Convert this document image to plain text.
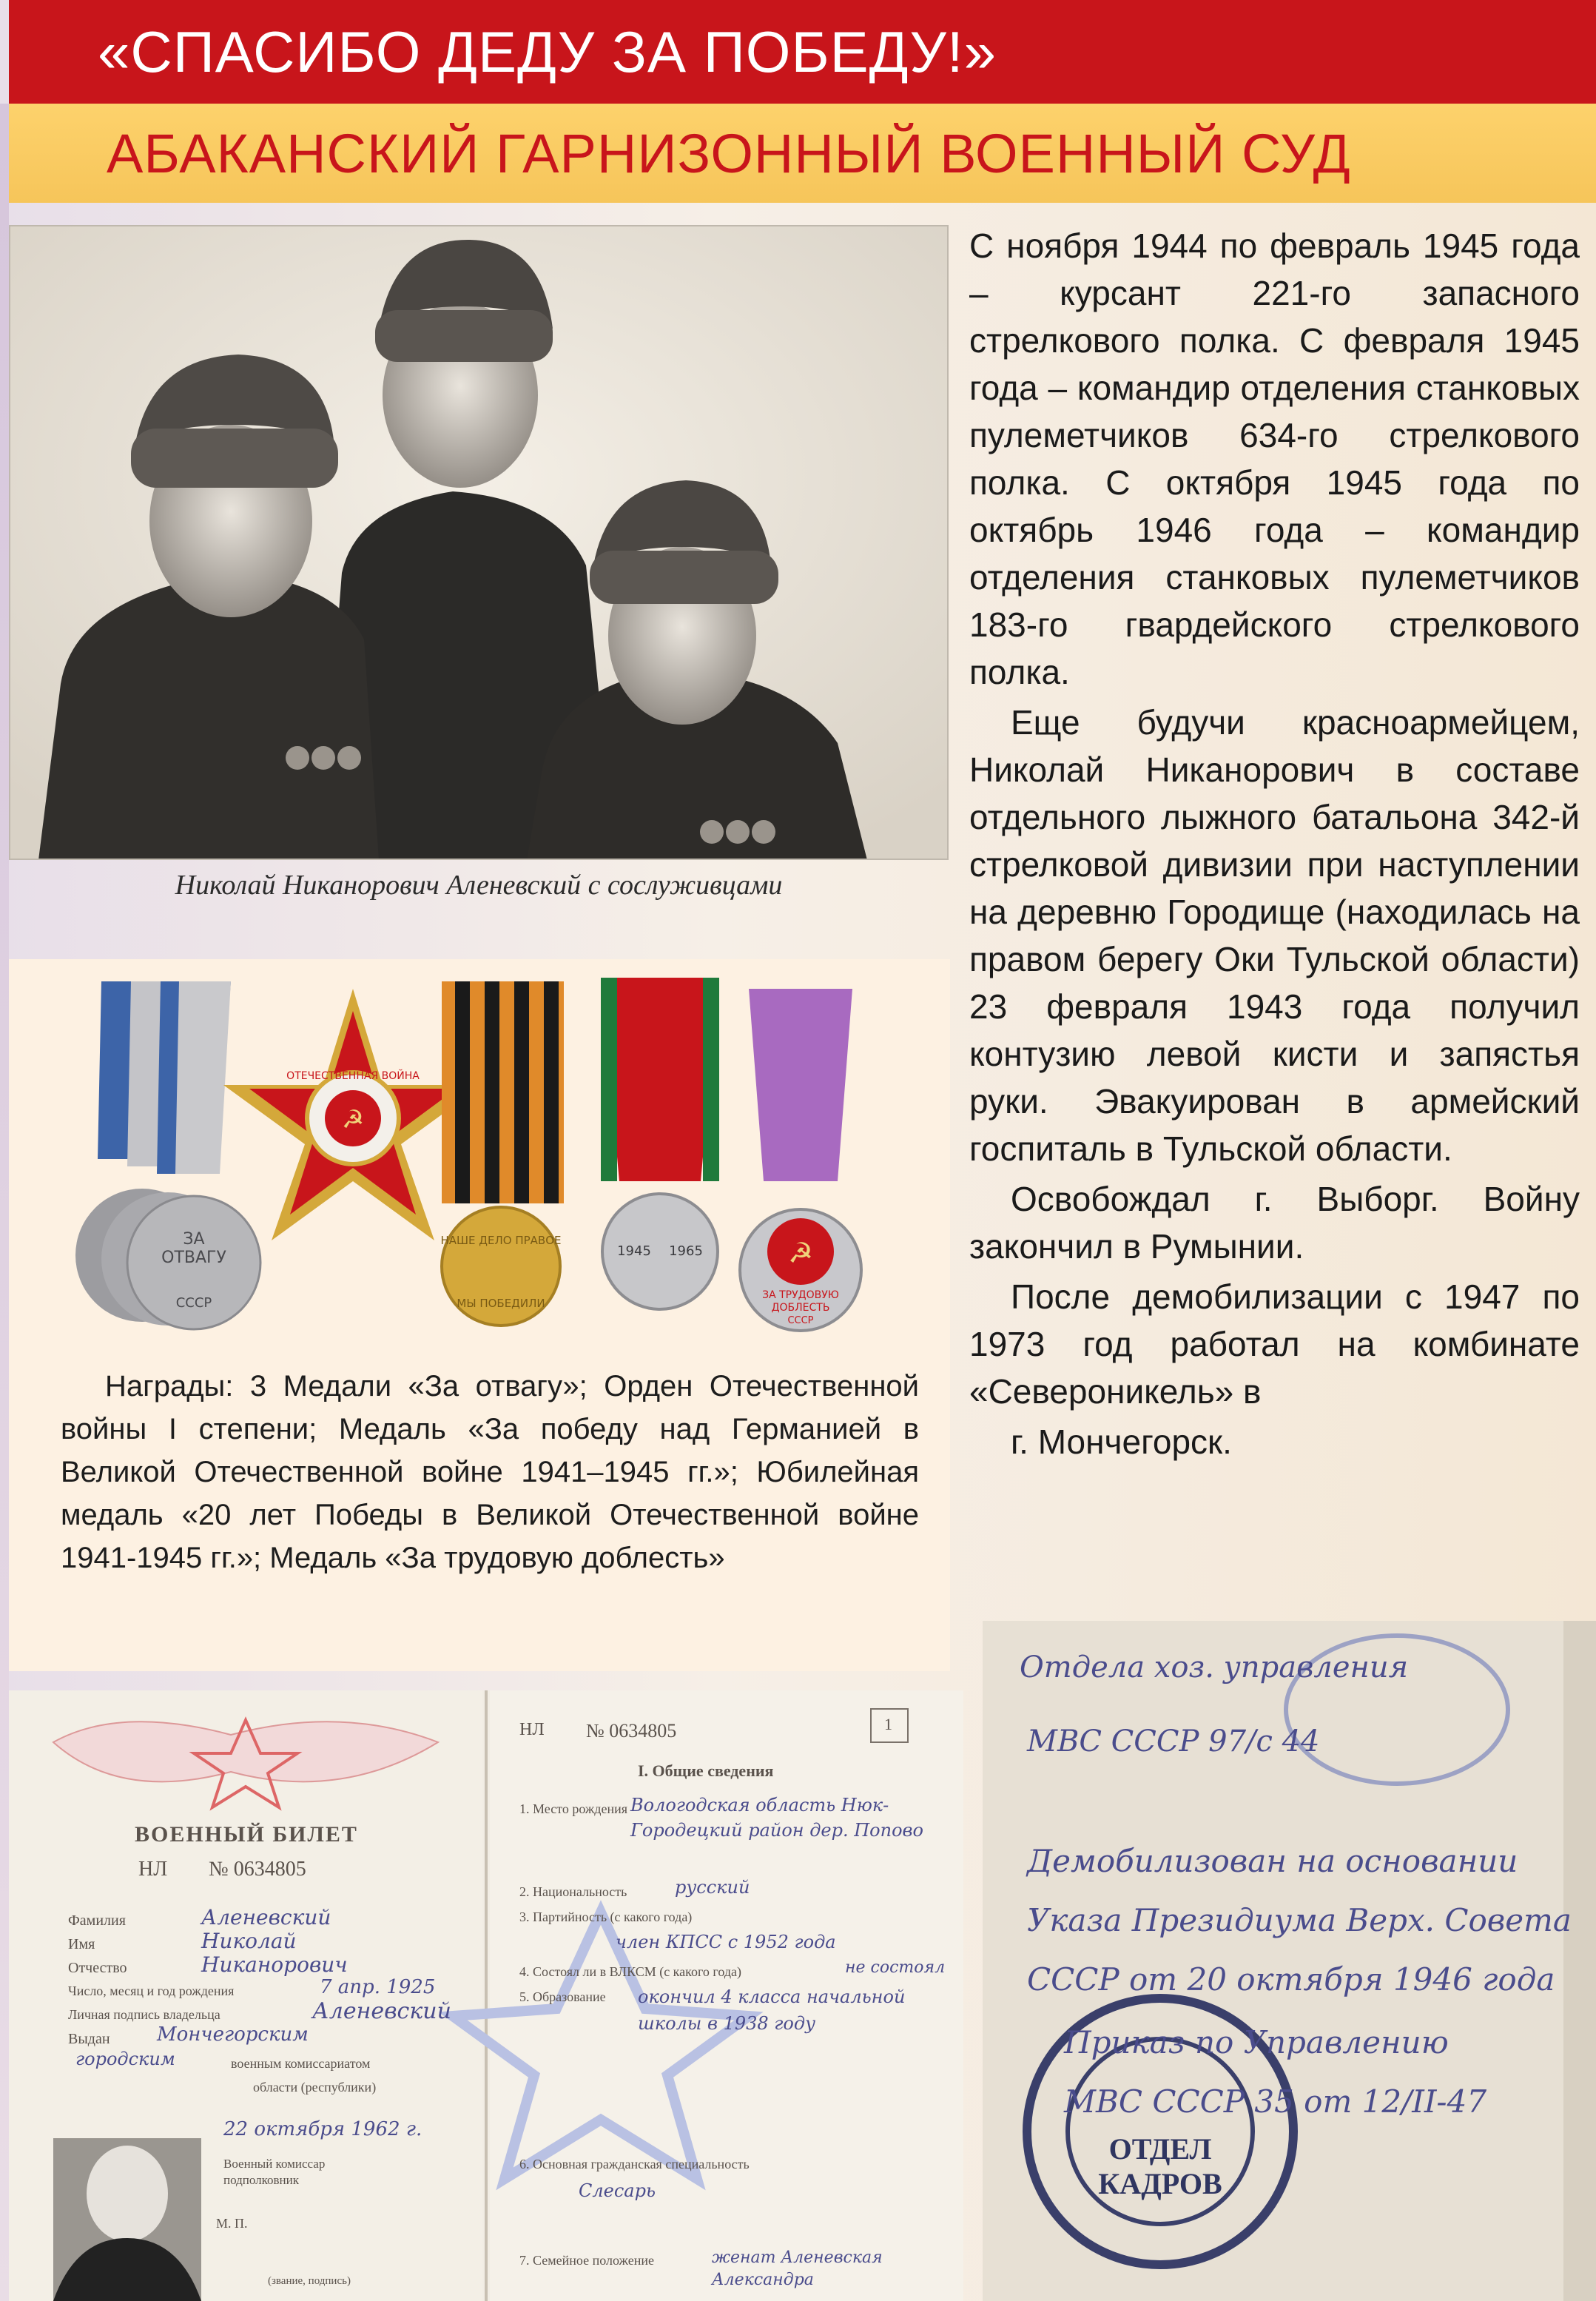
«СПАСИБО ДЕДУ ЗА ПОБЕДУ!»
АБАКАНСКИЙ ГАРНИЗОННЫЙ ВОЕННЫЙ СУД
Николай Никанорович Аленевский с сослуживцами
ЗА
ОТВАГУ
СССР
☭
ОТЕЧЕСТВЕННАЯ ВОЙНА
НАШЕ ДЕЛО ПРАВОЕ
МЫ ПОБЕДИЛИ
1945 1965	☭
ЗА ТРУДОВУЮ
ДОБЛЕСТЬ
СССР
Награды: 3 Медали «За отвагу»; Орден Отечественной войны I степени; Медаль «За победу над Германией в Великой Отечественной войне 1941–1945 гг.»; Юбилейная медаль «20 лет Победы в Великой Отечественной войне 1941-1945 гг.»; Медаль «За трудовую доблесть»

С ноября 1944 по февраль 1945 года – курсант 221-го запасного стрелкового полка. С февраля 1945 года – командир отделения станковых пулеметчиков 634-го стрелкового полка. С октября 1945 года по октябрь 1946 года – командир отделения станковых пулеметчиков 183-го гвардейского стрелкового полка.

Еще будучи красноармейцем, Николай Никанорович в составе отдельного лыжного батальона 342-й стрелковой дивизии при наступлении на деревню Городище (находилась на правом берегу Оки Тульской области) 23 февраля 1943 года получил контузию левой кисти и запястья руки. Эвакуирован в армейский госпиталь в Тульской области.

Освобождал г. Выборг. Войну закончил в Румынии.

После демобилизации с 1947 по 1973 год работал на комбинате «Североникель» в

г. Мончегорск.

ВОЕННЫЙ БИЛЕТ
НЛ № 0634805
Фамилия	Аленевский
Имя	Николай
Отчество	Никанорович
Число, месяц и год рождения	7 апр. 1925
Личная подпись владельца	Аленевский
Выдан Мончегорским
военным комиссариатом
городским
области (республики)
22 октября 1962 г.
Военный комиссар
подполковник
М. П.
(звание, подпись)
НЛ № 0634805	1
I. Общие сведения
1. Место рождения Вологодская область Нюк-Городецкий район дер. Попово
2. Национальность	русский
3. Партийность (с какого года)
член КПСС с 1952 года
4. Состоял ли в ВЛКСМ (с какого года)	не состоял
5. Образование окончил 4 класса начальной школы в 1938 году
6. Основная гражданская специальность
Слесарь
7. Семейное положение	женат Аленевская Александра
Отдела хоз. управления
МВС СССР 97/с 44
Демобилизован на основании
Указа Президиума Верх. Совета
СССР от 20 октября 1946 года
Приказ по Управлению
МВС СССР 35 от 12/II-47
ОТДЕЛ КАДРОВ
